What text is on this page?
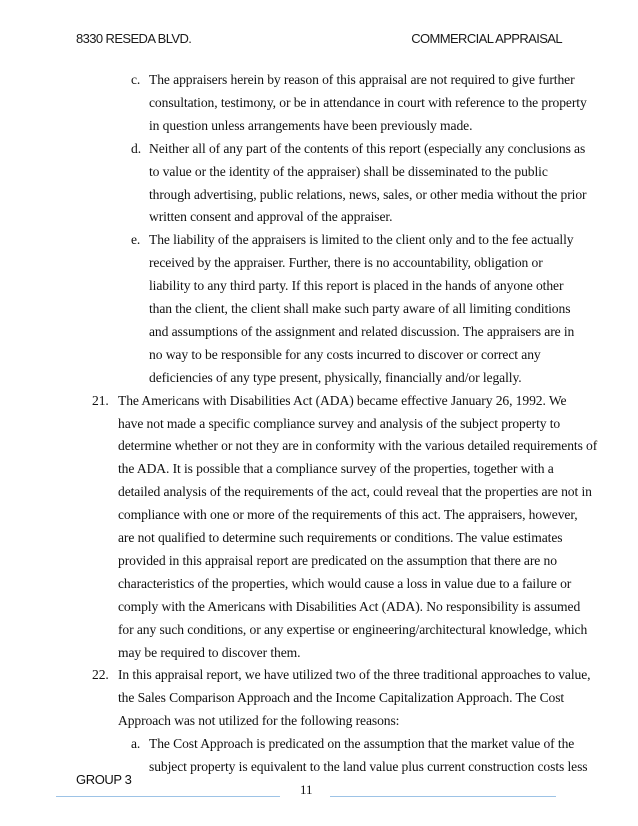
8330 RESEDA BLVD.	COMMERCIAL APPRAISAL
c. The appraisers herein by reason of this appraisal are not required to give further
consultation, testimony, or be in attendance in court with reference to the property
in question unless arrangements have been previously made.
d. Neither all of any part of the contents of this report (especially any conclusions as
to value or the identity of the appraiser) shall be disseminated to the public
through advertising, public relations, news, sales, or other media without the prior
written consent and approval of the appraiser.
e. The liability of the appraisers is limited to the client only and to the fee actually
received by the appraiser. Further, there is no accountability, obligation or
liability to any third party. If this report is placed in the hands of anyone other
than the client, the client shall make such party aware of all limiting conditions
and assumptions of the assignment and related discussion. The appraisers are in
no way to be responsible for any costs incurred to discover or correct any
deficiencies of any type present, physically, financially and/or legally.
21. The Americans with Disabilities Act (ADA) became effective January 26, 1992. We
have not made a specific compliance survey and analysis of the subject property to
determine whether or not they are in conformity with the various detailed requirements of
the ADA. It is possible that a compliance survey of the properties, together with a
detailed analysis of the requirements of the act, could reveal that the properties are not in
compliance with one or more of the requirements of this act. The appraisers, however,
are not qualified to determine such requirements or conditions. The value estimates
provided in this appraisal report are predicated on the assumption that there are no
characteristics of the properties, which would cause a loss in value due to a failure or
comply with the Americans with Disabilities Act (ADA). No responsibility is assumed
for any such conditions, or any expertise or engineering/architectural knowledge, which
may be required to discover them.
22. In this appraisal report, we have utilized two of the three traditional approaches to value,
the Sales Comparison Approach and the Income Capitalization Approach. The Cost
Approach was not utilized for the following reasons:
a. The Cost Approach is predicated on the assumption that the market value of the
subject property is equivalent to the land value plus current construction costs less
GROUP 3
11
